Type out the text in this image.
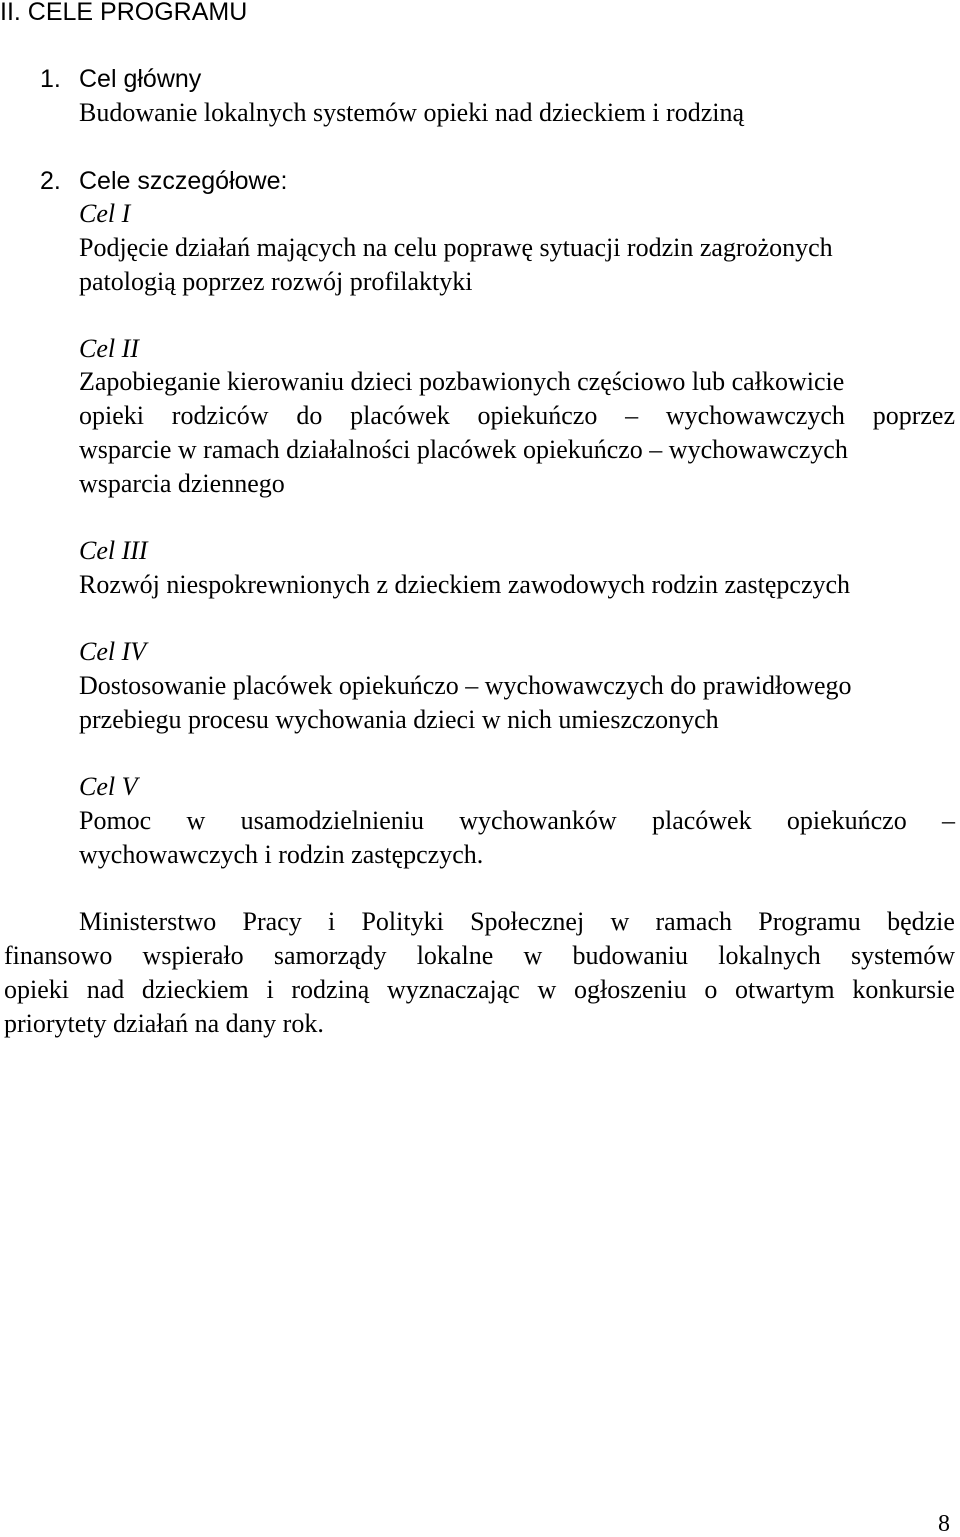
II. CELE PROGRAMU
1. Cel główny
Budowanie lokalnych systemów opieki nad dzieckiem i rodziną
2. Cele szczegółowe:
Cel I
Podjęcie działań mających na celu poprawę sytuacji rodzin zagrożonych
patologią poprzez rozwój profilaktyki
Cel II
Zapobieganie kierowaniu dzieci pozbawionych częściowo lub całkowicie
opieki rodziców do placówek opiekuńczo – wychowawczych poprzez
wsparcie w ramach działalności placówek opiekuńczo – wychowawczych
wsparcia dziennego
Cel III
Rozwój niespokrewnionych z dzieckiem zawodowych rodzin zastępczych
Cel IV
Dostosowanie placówek opiekuńczo – wychowawczych do prawidłowego
przebiegu procesu wychowania dzieci w nich umieszczonych
Cel V
Pomoc w usamodzielnieniu wychowanków placówek opiekuńczo –
wychowawczych i rodzin zastępczych.
Ministerstwo Pracy i Polityki Społecznej w ramach Programu będzie
finansowo wspierało samorządy lokalne w budowaniu lokalnych systemów
opieki nad dzieckiem i rodziną wyznaczając w ogłoszeniu o otwartym konkursie
priorytety działań na dany rok.
8
